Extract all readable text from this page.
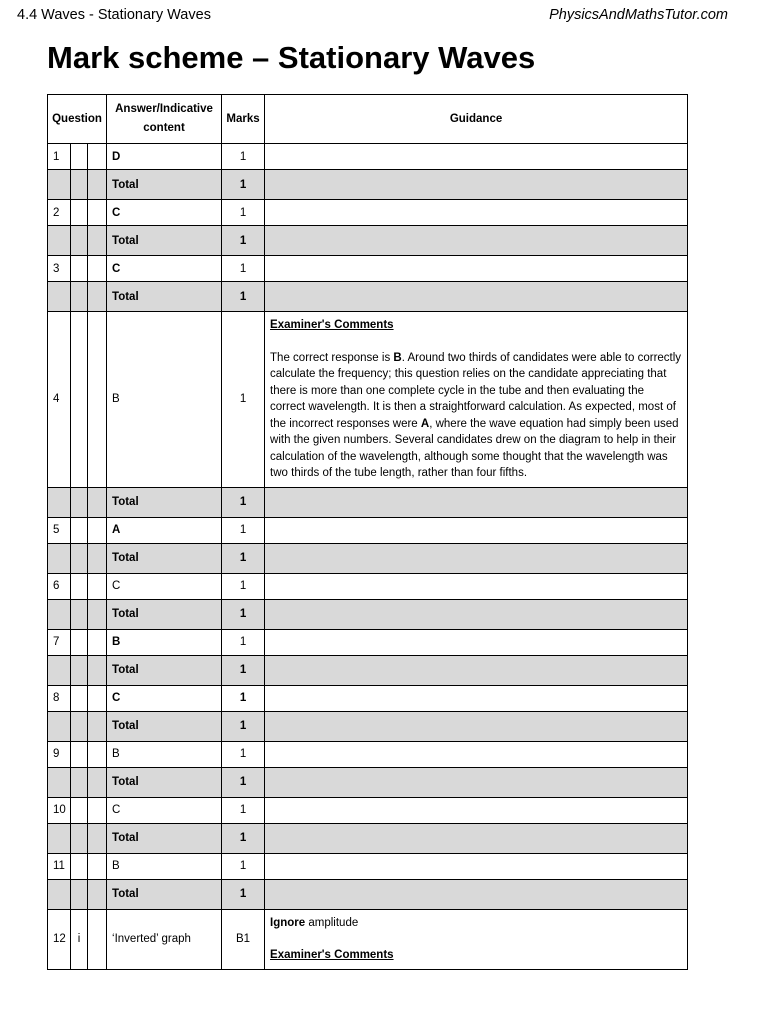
4.4 Waves - Stationary Waves	PhysicsAndMathsTutor.com
Mark scheme – Stationary Waves
Question			Answer/Indicative content	Marks	Guidance
1			D	1	
			Total	1	
2			C	1	
			Total	1	
3			C	1	
			Total	1	
4			B	1	Examiner's Comments
The correct response is B. Around two thirds of candidates were able to correctly calculate the frequency; this question relies on the candidate appreciating that there is more than one complete cycle in the tube and then evaluating the correct wavelength. It is then a straightforward calculation. As expected, most of the incorrect responses were A, where the wave equation had simply been used with the given numbers. Several candidates drew on the diagram to help in their calculation of the wavelength, although some thought that the wavelength was two thirds of the tube length, rather than four fifths.

			Total	1	
5			A	1	
			Total	1	
6			C	1	
			Total	1	
7			B	1	
			Total	1	
8			C	1	
			Total	1	
9			B	1	
			Total	1	
10			C	1	
			Total	1	
11			B	1	
			Total	1	
12	i		‘Inverted’ graph	B1	Ignore amplitude
Examiner's Comments
